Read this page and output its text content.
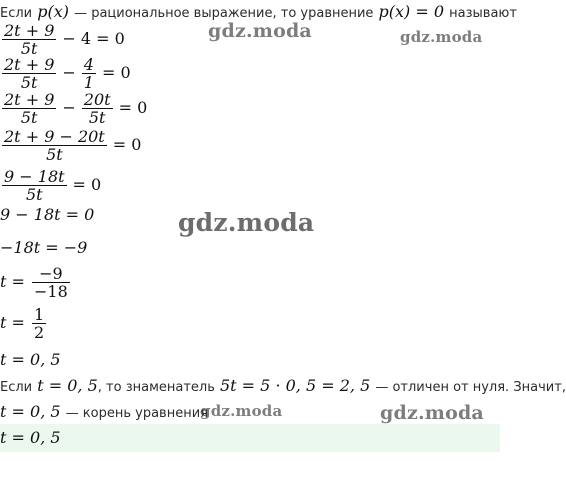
gdz.moda	gdz.moda
gdz.moda
gdz.moda	gdz.moda
Если p(x) — рациональное выражение, то уравнение p(x) = 0 называют
$\frac{2t + 9}{5t} - 4 = 0$
$\frac{2t + 9}{5t} - \frac{4}{1} = 0$
$\frac{2t + 9}{5t} - \frac{20t}{5t} = 0$
$\frac{2t + 9 - 20t}{5t} = 0$
$\frac{9 - 18t}{5t} = 0$
9 − 18t = 0
−18t = −9
$t = \frac{-9}{-18}$
$t = \frac{1}{2}$
t = 0, 5
Если t = 0, 5, то знаменатель 5t = 5 · 0, 5 = 2, 5 — отличен от нуля. Значит,
t = 0, 5 — корень уравнения
t = 0, 5
